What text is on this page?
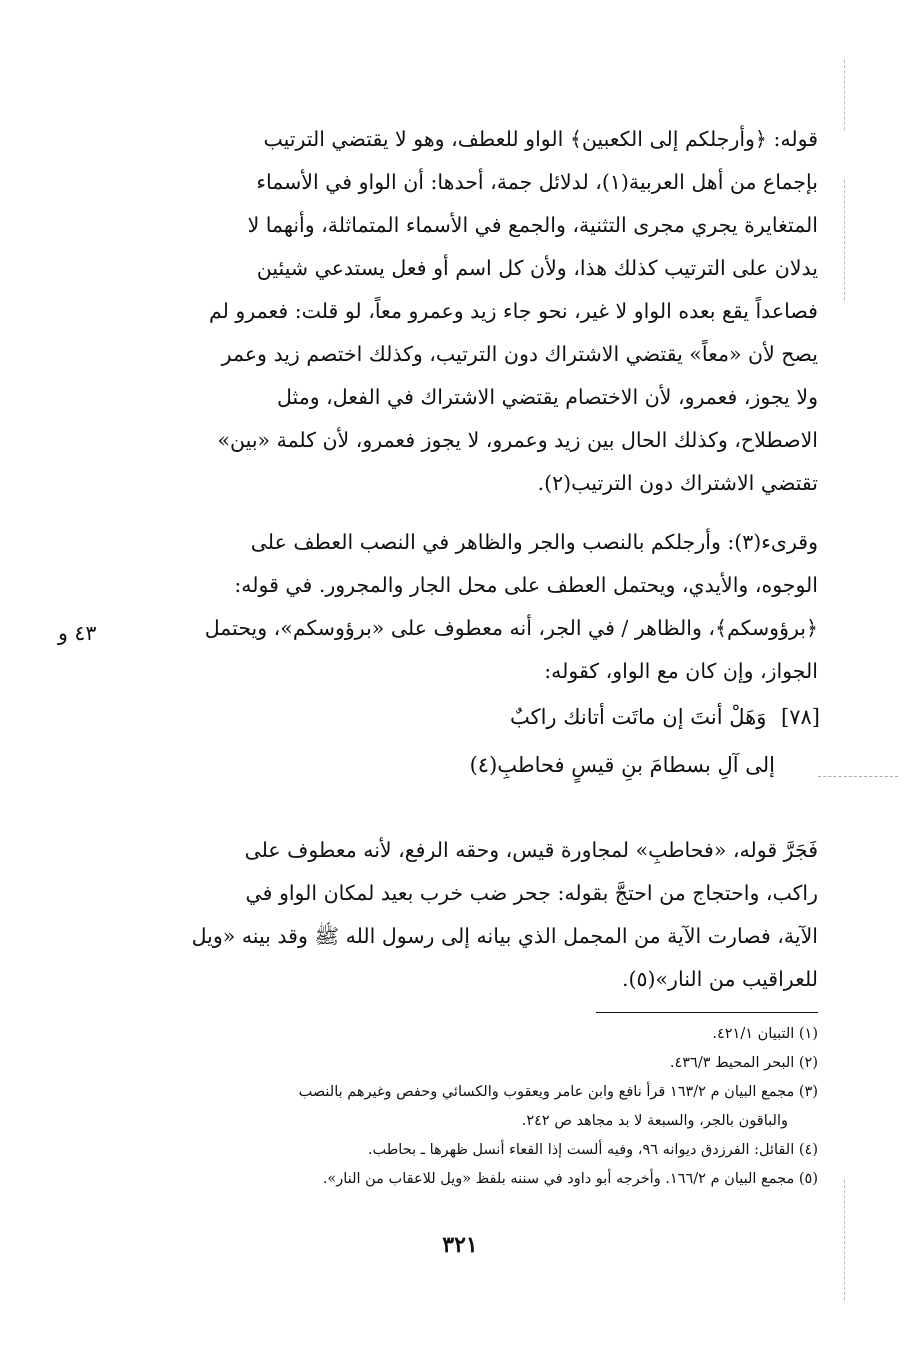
قوله: ﴿وأرجلكم إلى الكعبين﴾ الواو للعطف، وهو لا يقتضي الترتيب

بإجماع من أهل العربية(١)، لدلائل جمة، أحدها: أن الواو في الأسماء

المتغايرة يجري مجرى التثنية، والجمع في الأسماء المتماثلة، وأنهما لا

يدلان على الترتيب كذلك هذا، ولأن كل اسم أو فعل يستدعي شيئين

فصاعداً يقع بعده الواو لا غير، نحو جاء زيد وعمرو معاً، لو قلت: فعمرو لم

يصح لأن «معاً» يقتضي الاشتراك دون الترتيب، وكذلك اختصم زيد وعمر

ولا يجوز، فعمرو، لأن الاختصام يقتضي الاشتراك في الفعل، ومثل

الاصطلاح، وكذلك الحال بين زيد وعمرو، لا يجوز فعمرو، لأن كلمة «بين»

تقتضي الاشتراك دون الترتيب(٢).

وقرىء(٣): وأرجلكم بالنصب والجر والظاهر في النصب العطف على

الوجوه، والأيدي، ويحتمل العطف على محل الجار والمجرور. في قوله:

﴿برؤوسكم﴾، والظاهر / في الجر، أنه معطوف على «برؤوسكم»، ويحتمل

الجواز، وإن كان مع الواو، كقوله:

٤٣ و
[٧٨] وَهَلْ أنتَ إن ماتَت أتانك راكبٌ
إلى آلِ بسطامَ بنِ قيسٍ فحاطبِ(٤)

فَجَرَّ قوله، «فحاطبِ» لمجاورة قيس، وحقه الرفع، لأنه معطوف على

راكب، واحتجاج من احتجَّ بقوله: جحر ضب خرب بعيد لمكان الواو في

الآية، فصارت الآية من المجمل الذي بيانه إلى رسول الله ﷺ وقد بينه «ويل

للعراقيب من النار»(٥).

(١) التبيان ٤٢١/١.
(٢) البحر المحيط ٤٣٦/٣.
(٣) مجمع البيان م ١٦٣/٢ قرأ نافع وابن عامر ويعقوب والكسائي وحفص وغيرهم بالنصب
والباقون بالجر، والسبعة لا بد مجاهد ص ٢٤٢.
(٤) القائل: الفرزدق ديوانه ٩٦، وفيه ألست إذا القعاء أنسل ظهرها ـ بحاطب.
(٥) مجمع البيان م ١٦٦/٢. وأخرجه أبو داود في سننه بلفظ «ويل للاعقاب من النار».
٣٢١
